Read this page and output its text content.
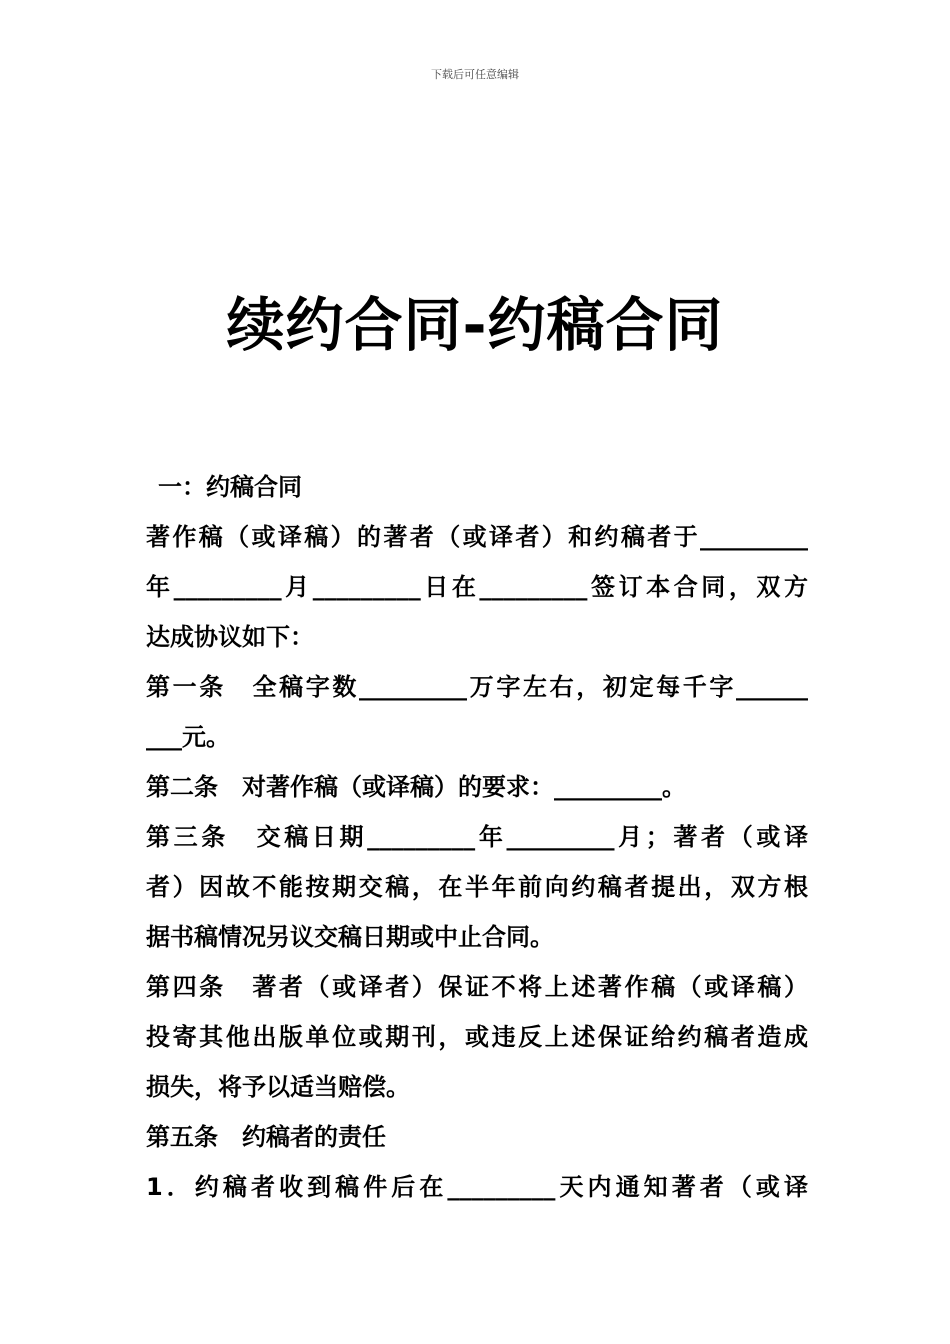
下载后可任意编辑
续约合同-约稿合同
一：约稿合同
著作稿（或译稿）的著者（或译者）和约稿者于_________
年_________月_________日在_________签订本合同，双方
达成协议如下：
第一条　全稿字数_________万字左右，初定每千字______
___元。
第二条　对著作稿（或译稿）的要求：_________。
第三条　交稿日期_________年_________月；著者（或译
者）因故不能按期交稿，在半年前向约稿者提出，双方根
据书稿情况另议交稿日期或中止合同。
第四条　著者（或译者）保证不将上述著作稿（或译稿）
投寄其他出版单位或期刊，或违反上述保证给约稿者造成
损失，将予以适当赔偿。
第五条　约稿者的责任
1．约稿者收到稿件后在_________天内通知著者（或译
